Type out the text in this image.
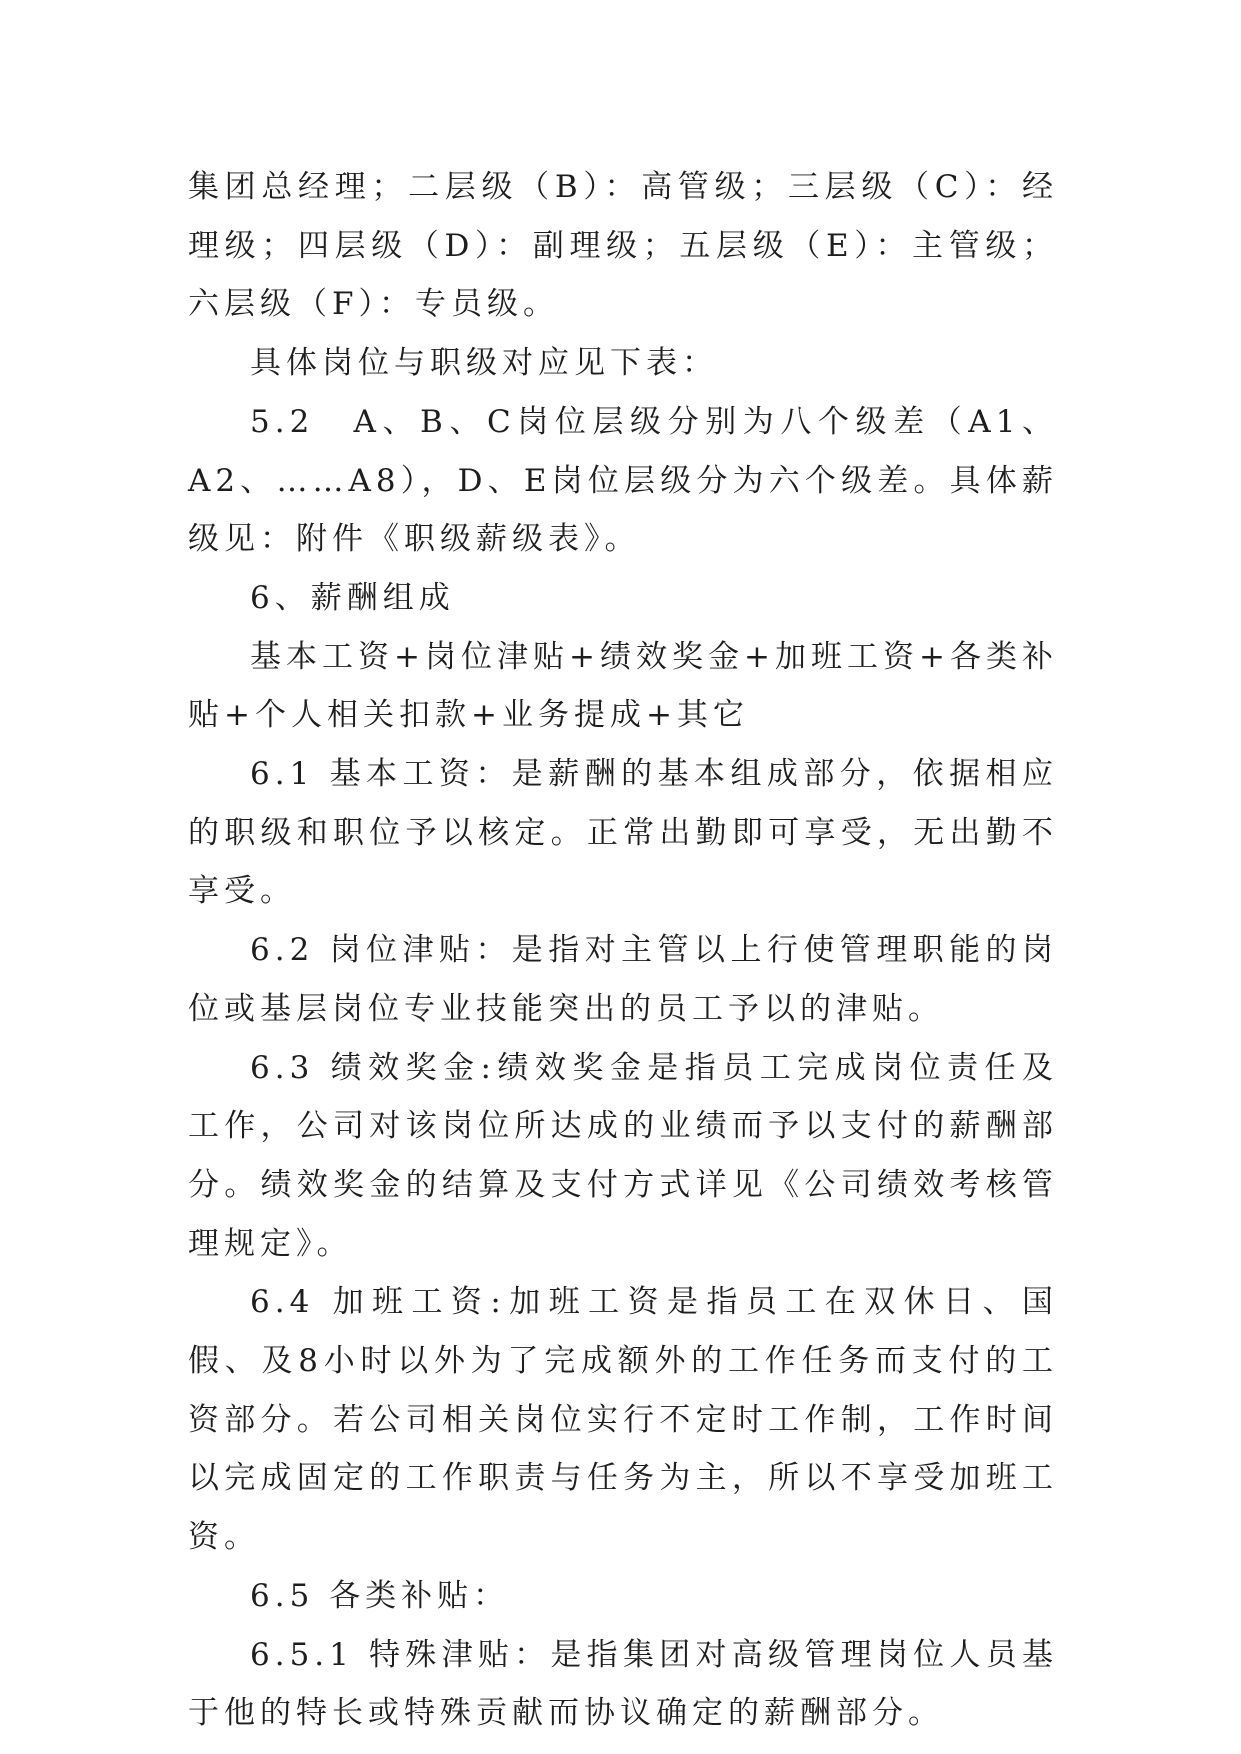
集团总经理；二层级（B）：高管级；三层级（C）：经理级；四层级（D）：副理级；五层级（E）：主管级；六层级（F）：专员级。

具体岗位与职级对应见下表：

5.2　A、B、C岗位层级分别为八个级差（A1、A2、……A8），D、E岗位层级分为六个级差。具体薪级见：附件《职级薪级表》。

6、薪酬组成

基本工资+岗位津贴+绩效奖金+加班工资+各类补贴+个人相关扣款+业务提成+其它

6.1 基本工资：是薪酬的基本组成部分，依据相应的职级和职位予以核定。正常出勤即可享受，无出勤不享受。

6.2 岗位津贴：是指对主管以上行使管理职能的岗位或基层岗位专业技能突出的员工予以的津贴。

6.3 绩效奖金:绩效奖金是指员工完成岗位责任及工作，公司对该岗位所达成的业绩而予以支付的薪酬部分。绩效奖金的结算及支付方式详见《公司绩效考核管理规定》。

6.4 加班工资:加班工资是指员工在双休日、国假、及8小时以外为了完成额外的工作任务而支付的工资部分。若公司相关岗位实行不定时工作制，工作时间以完成固定的工作职责与任务为主，所以不享受加班工资。

6.5 各类补贴：

6.5.1 特殊津贴：是指集团对高级管理岗位人员基于他的特长或特殊贡献而协议确定的薪酬部分。
